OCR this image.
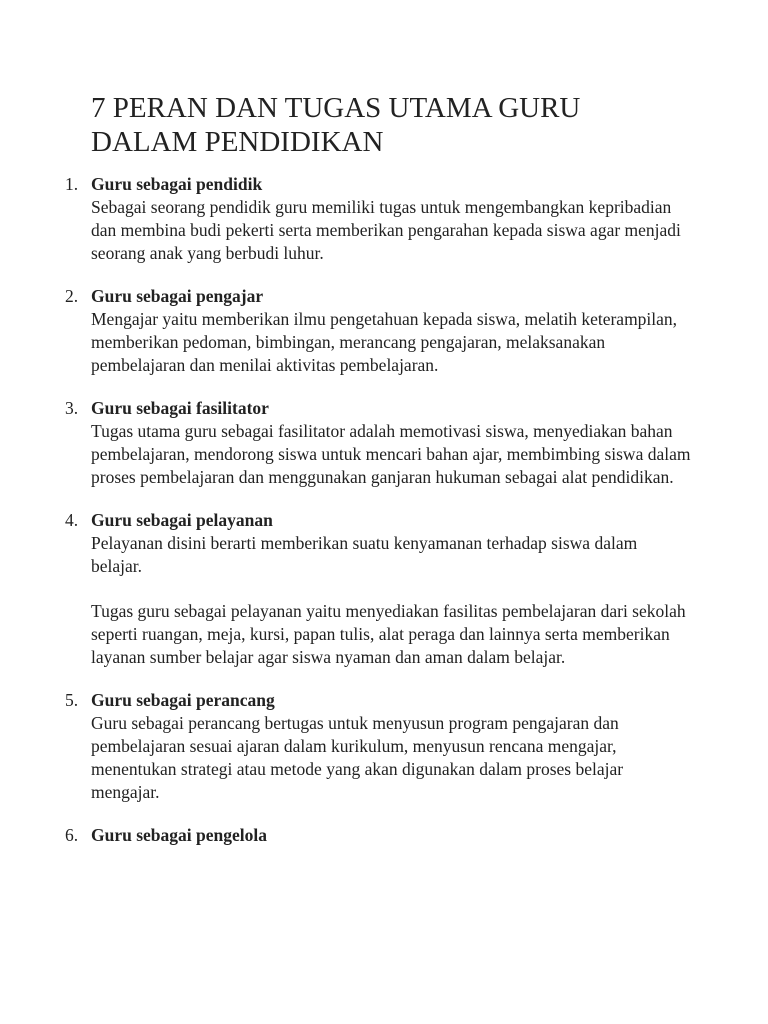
7 PERAN DAN TUGAS UTAMA GURU
DALAM PENDIDIKAN
1. Guru sebagai pendidik

Sebagai seorang pendidik guru memiliki tugas untuk mengembangkan kepribadian dan membina budi pekerti serta memberikan pengarahan kepada siswa agar menjadi seorang anak yang berbudi luhur.

2. Guru sebagai pengajar

Mengajar yaitu memberikan ilmu pengetahuan kepada siswa, melatih keterampilan, memberikan pedoman, bimbingan, merancang pengajaran, melaksanakan pembelajaran dan menilai aktivitas pembelajaran.

3. Guru sebagai fasilitator

Tugas utama guru sebagai fasilitator adalah memotivasi siswa, menyediakan bahan pembelajaran, mendorong siswa untuk mencari bahan ajar, membimbing siswa dalam proses pembelajaran dan menggunakan ganjaran hukuman sebagai alat pendidikan.

4. Guru sebagai pelayanan

Pelayanan disini berarti memberikan suatu kenyamanan terhadap siswa dalam belajar.

Tugas guru sebagai pelayanan yaitu menyediakan fasilitas pembelajaran dari sekolah seperti ruangan, meja, kursi, papan tulis, alat peraga dan lainnya serta memberikan layanan sumber belajar agar siswa nyaman dan aman dalam belajar.

5. Guru sebagai perancang

Guru sebagai perancang bertugas untuk menyusun program pengajaran dan pembelajaran sesuai ajaran dalam kurikulum, menyusun rencana mengajar, menentukan strategi atau metode yang akan digunakan dalam proses belajar mengajar.

6. Guru sebagai pengelola
